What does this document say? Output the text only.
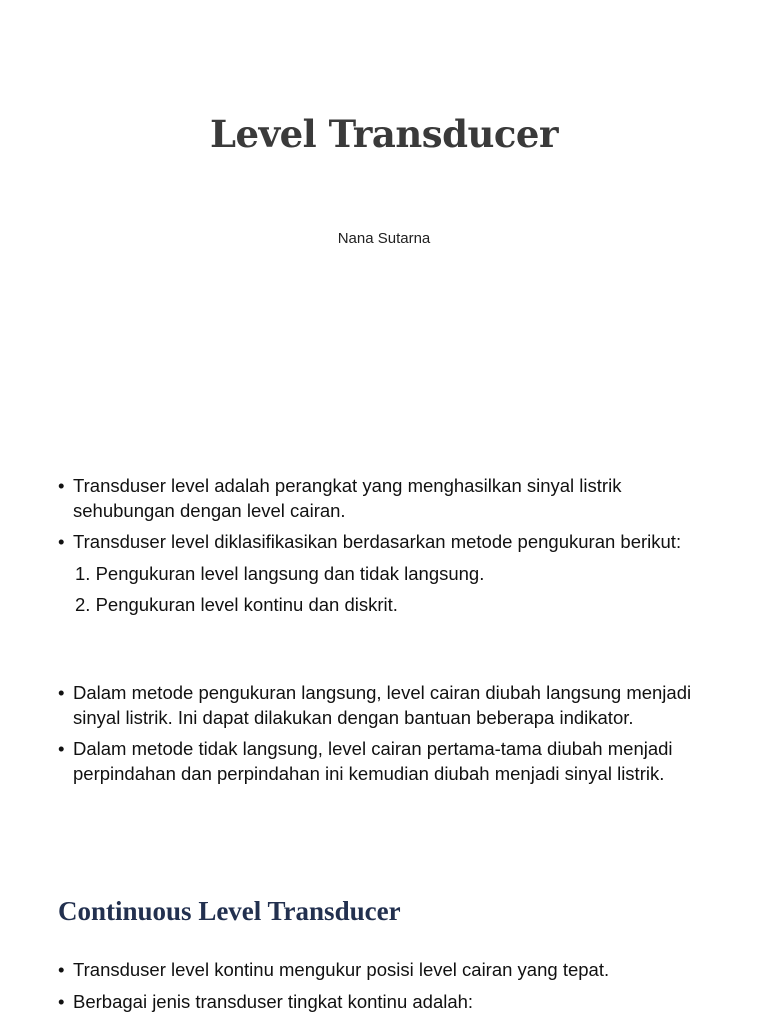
Level Transducer
Nana Sutarna
• Transduser level adalah perangkat yang menghasilkan sinyal listrik sehubungan dengan level cairan.
• Transduser level diklasifikasikan berdasarkan metode pengukuran berikut:
1. Pengukuran level langsung dan tidak langsung.
2. Pengukuran level kontinu dan diskrit.
• Dalam metode pengukuran langsung, level cairan diubah langsung menjadi sinyal listrik. Ini dapat dilakukan dengan bantuan beberapa indikator.
• Dalam metode tidak langsung, level cairan pertama-tama diubah menjadi perpindahan dan perpindahan ini kemudian diubah menjadi sinyal listrik.
Continuous Level Transducer
• Transduser level kontinu mengukur posisi level cairan yang tepat.
• Berbagai jenis transduser tingkat kontinu adalah:
